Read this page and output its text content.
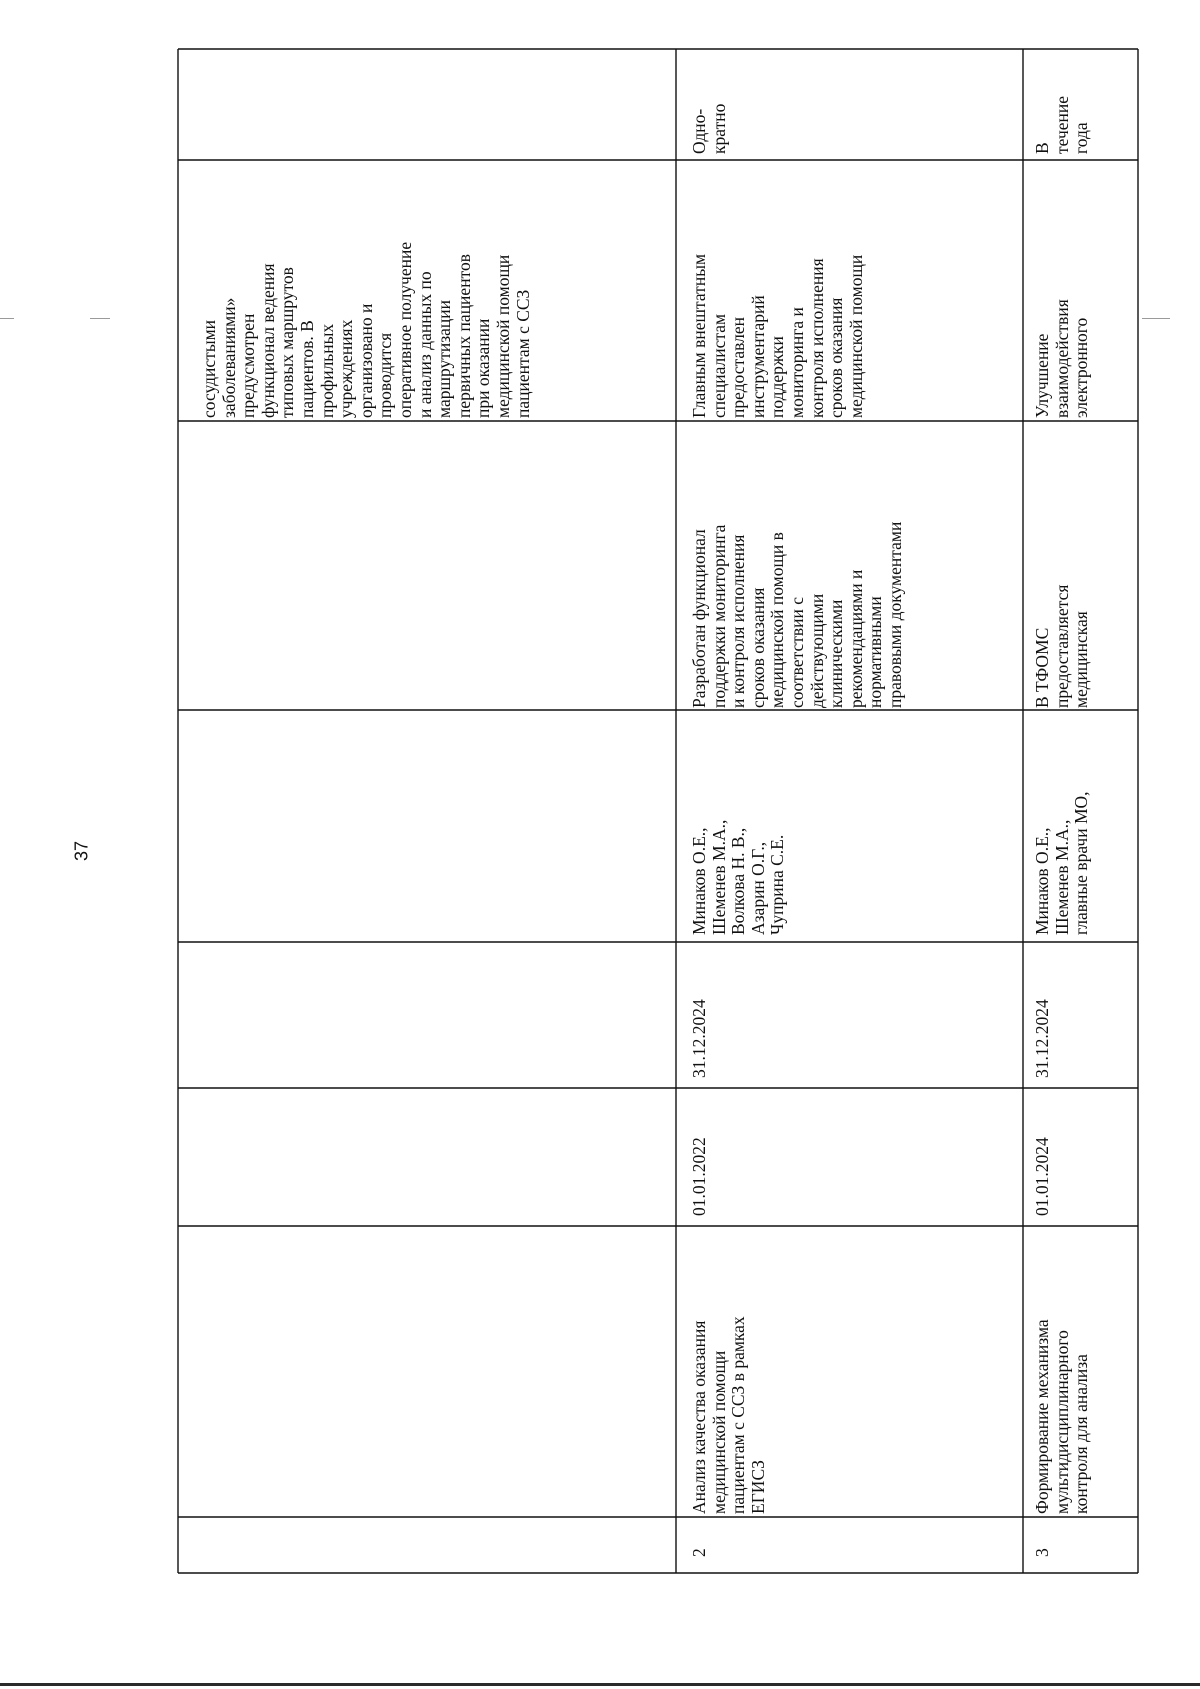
37
сосудистыми
заболеваниями»
предусмотрен
функционал ведения
типовых маршрутов
пациентов. В
профильных
учреждениях
организовано и
проводится
оперативное получение
и анализ данных по
маршрутизации
первичных пациентов
при оказании
медицинской помощи
пациентам с ССЗ
2
Анализ качества оказания
медицинской помощи
пациентам с ССЗ в рамках
ЕГИСЗ
01.01.2022
31.12.2024
Минаков О.Е.,
Шеменев М.А.,
Волкова Н. В.,
Азарин О.Г.,
Чуприна С.Е.
Разработан функционал
поддержки мониторинга
и контроля исполнения
сроков оказания
медицинской помощи в
соответствии с
действующими
клиническими
рекомендациями и
нормативными
правовыми документами
Главным внештатным
специалистам
предоставлен
инструментарий
поддержки
мониторинга и
контроля исполнения
сроков оказания
медицинской помощи
Одно-
кратно
3
Формирование механизма
мультидисциплинарного
контроля для анализа
01.01.2024
31.12.2024
Минаков О.Е.,
Шеменев М.А.,
главные врачи МО,
В ТФОМС
предоставляется
медицинская
Улучшение
взаимодействия
электронного
В
течение
года
